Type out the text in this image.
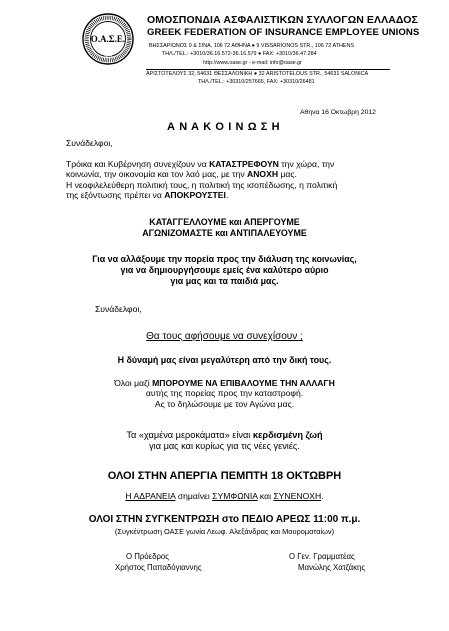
Ο.Α.Σ.Ε.
1977
ΟΜΟΣΠΟΝΔΙΑ ΑΣΦΑΛΙΣΤΙΚΩΝ ΣΥΛΛΟΓΩΝ ΕΛΛΑΔΟΣ
GREEK FEDERATION OF INSURANCE EMPLOYEE UNIONS
ΒΗΣΣΑΡΙΩΝΟΣ 9 & ΣΙΝΑ, 106 72 ΑΘΗΝΑ ● 9 VISSARIONOS STR., 106 72 ATHENS
ΤΗΛ./TEL.: +3010/36.16.572-36.16.579 ● FAX: +3010/36.47.284
http://www.oase.gr - e-mail: info@oase.gr
ΑΡΙΣΤΟΤΕΛΟΥΣ 32, 54631 ΘΕΣΣΑΛΟΝΙΚΗ ● 32 ARISTOTELOUS STR., 54631 SALONICA
ΤΗΛ./TEL.: +30310/257665, FAX: +30310/26481
Αθηνα 16 Οκτωβρη 2012
Α Ν Α Κ Ο Ι Ν Ω Σ Η
Συνάδελφοι,
Τρόικα και Κυβέρνηση συνεχίζουν να ΚΑΤΑΣΤΡΕΦΟΥΝ την χώρα, την
κοινωνία, την οικονομία και τον λαό μας, με την ΑΝΟΧΗ μας.
Η νεοφιλελεύθερη πολιτική τους, η πολιτική της ισοπέδωσης, η πολιτική
της εξόντωσης πρέπει να ΑΠΟΚΡΟΥΣΤΕΙ.
ΚΑΤΑΓΓΕΛΛΟΥΜΕ και ΑΠΕΡΓΟΥΜΕ
ΑΓΩΝΙΖΟΜΑΣΤΕ και ΑΝΤΙΠΑΛΕΥΟΥΜΕ
Για να αλλάξουμε την πορεία προς την διάλυση της κοινωνίας,
για να δημιουργήσουμε εμείς ένα καλύτερο αύριο
για μας και τα παιδιά μας.
Συνάδελφοι,
Θα τους αφήσουμε να συνεχίσουν ;
Η δύναμή μας είναι μεγαλύτερη από την δική τους.
Όλοι μαζί ΜΠΟΡΟΥΜΕ ΝΑ ΕΠΙΒΑΛΟΥΜΕ ΤΗΝ ΑΛΛΑΓΗ
αυτής της πορείας προς την καταστροφή.
Ας το δηλώσουμε με τον Αγώνα μας.
Τα «χαμένα μεροκάματα» είναι κερδισμένη ζωή
για μας και κυρίως για τις νέες γενιές.
ΟΛΟΙ ΣΤΗΝ ΑΠΕΡΓΙΑ ΠΕΜΠΤΗ 18 ΟΚΤΩΒΡΗ
Η ΑΔΡΑΝΕΙΑ σημαίνει ΣΥΜΦΩΝΙΑ και ΣΥΝΕΝΟΧΗ.
ΟΛΟΙ ΣΤΗΝ ΣΥΓΚΕΝΤΡΩΣΗ στο ΠΕΔΙΟ ΑΡΕΩΣ 11:00 π.μ.
(Συγκέντρωση ΟΑΣΕ γωνία Λεωφ. Αλεξάνδρας και Μαυροματαίων)
Ο Πρόεδρος
Χρήστος Παπαδόγιαννης
Ο Γεν. Γραμματέας
Μανώλης Χατζάκης
